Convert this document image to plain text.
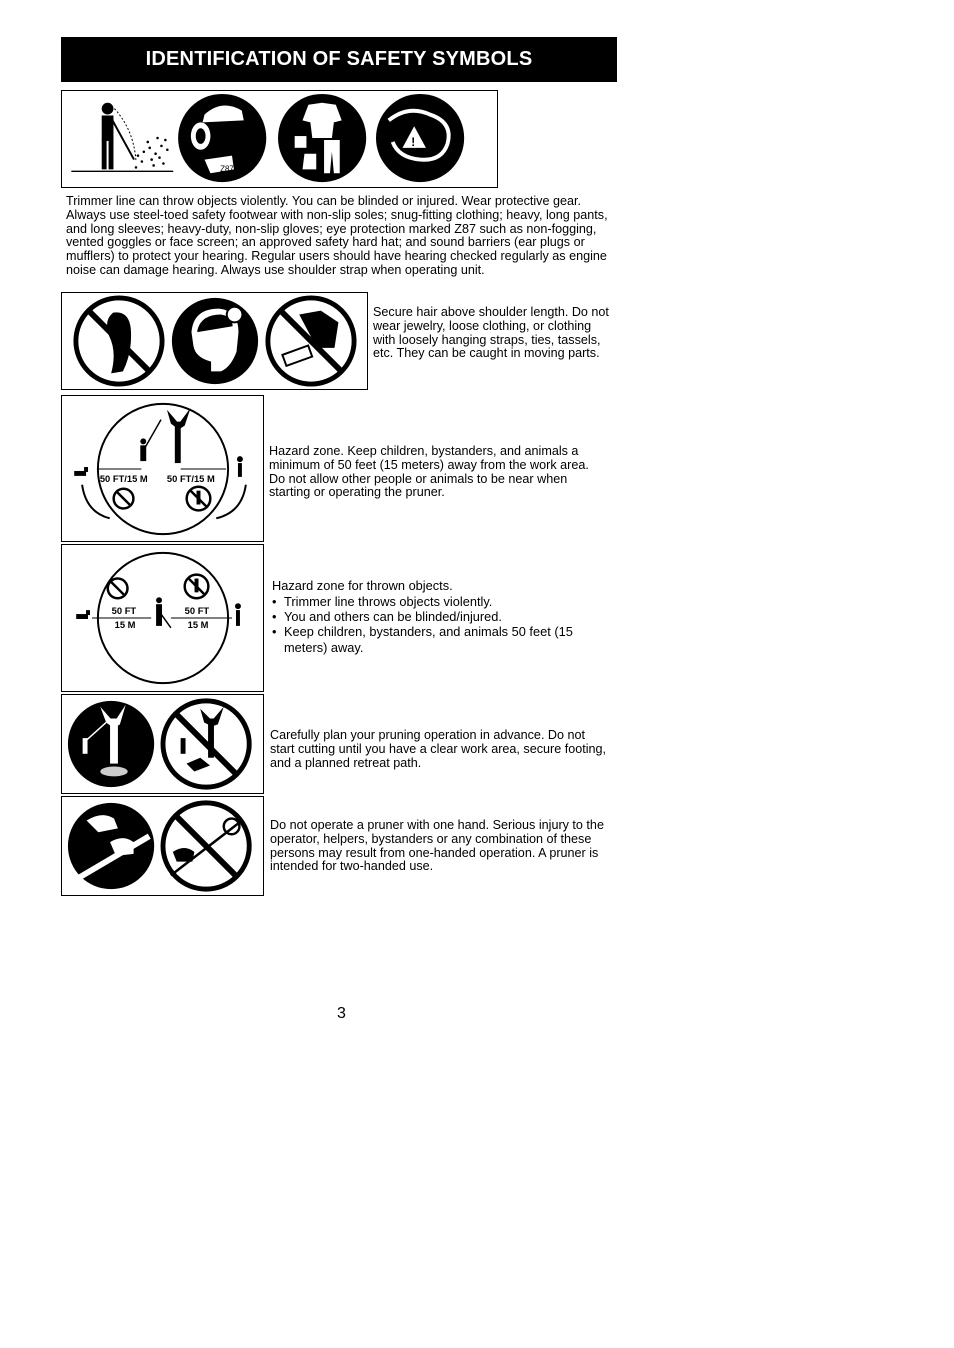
IDENTIFICATION OF SAFETY SYMBOLS
Z87
!
Trimmer line can throw objects violently. You can be blinded or injured. Wear protective gear. Always use steel-toed safety footwear with non-slip soles; snug-fitting clothing; heavy, long pants, and long sleeves; heavy-duty, non-slip gloves; eye protection marked Z87 such as non-fogging, vented goggles or face screen; an approved safety hard hat; and sound barriers (ear plugs or mufflers) to protect your hearing. Regular users should have hearing checked regularly as engine noise can damage hearing. Always use shoulder strap when operating unit.
Secure hair above shoulder length. Do not wear jewelry, loose clothing, or clothing with loosely hanging straps, ties, tassels, etc. They can be caught in moving parts.
50 FT/15 M 50 FT/15 M
Hazard zone. Keep children, bystanders, and animals a minimum of 50 feet (15 meters) away from the work area. Do not allow other people or animals to be near when starting or operating the pruner.
50 FT
15 M
50 FT
15 M
Hazard zone for thrown objects.
• Trimmer line throws objects violently.
• You and others can be blinded/injured.
• Keep children, bystanders, and animals 50 feet (15 meters) away.
Carefully plan your pruning operation in advance. Do not start cutting until you have a clear work area, secure footing, and a planned retreat path.
Do not operate a pruner with one hand. Serious injury to the operator, helpers, bystanders or any combination of these persons may result from one-handed operation. A pruner is intended for two-handed use.
3
